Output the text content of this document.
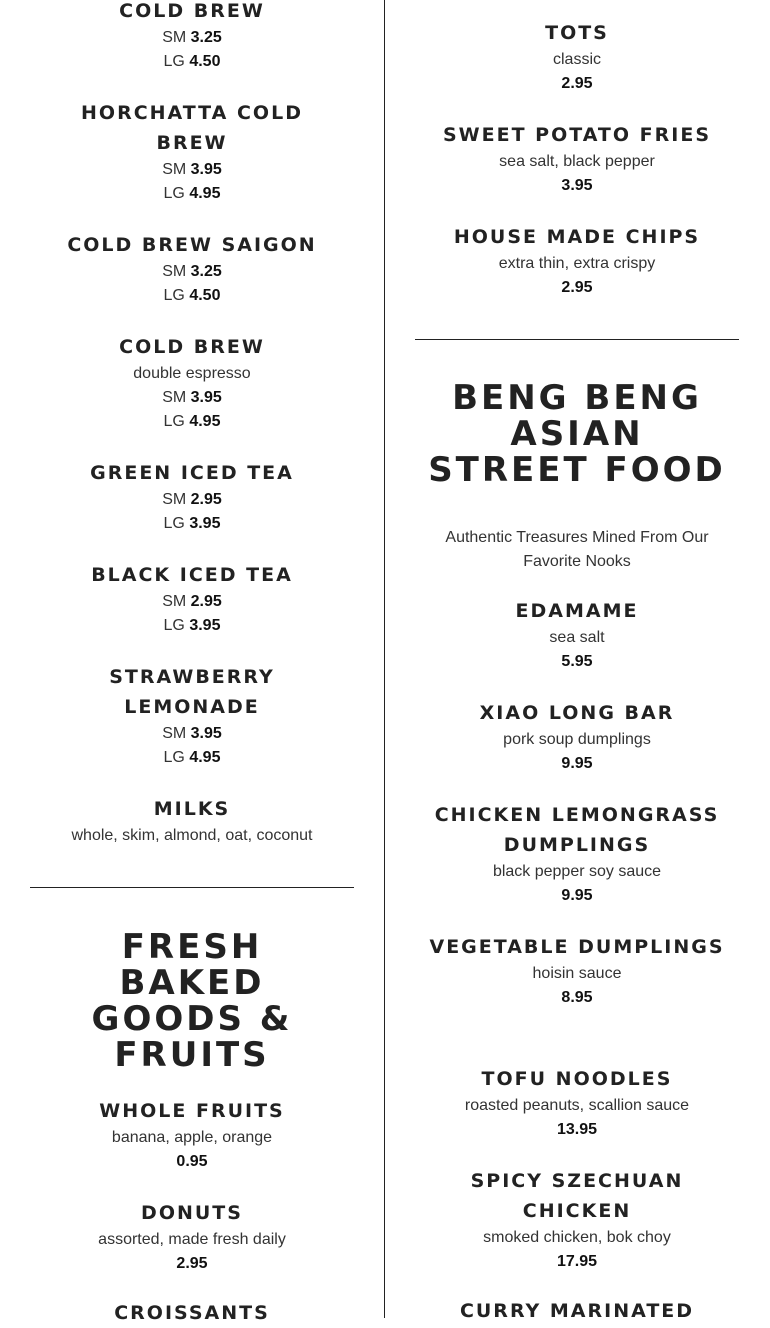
COLD BREW
SM 3.25
LG 4.50
HORCHATTA COLD BREW
SM 3.95
LG 4.95
COLD BREW SAIGON
SM 3.25
LG 4.50
COLD BREW
double espresso
SM 3.95
LG 4.95
GREEN ICED TEA
SM 2.95
LG 3.95
BLACK ICED TEA
SM 2.95
LG 3.95
STRAWBERRY LEMONADE
SM 3.95
LG 4.95
MILKS
whole, skim, almond, oat, coconut
FRESH BAKED GOODS & FRUITS
WHOLE FRUITS
banana, apple, orange
0.95
DONUTS
assorted, made fresh daily
2.95
CROISSANTS
TOTS
classic
2.95
SWEET POTATO FRIES
sea salt, black pepper
3.95
HOUSE MADE CHIPS
extra thin, extra crispy
2.95
BENG BENG ASIAN STREET FOOD
Authentic Treasures Mined From Our Favorite Nooks
EDAMAME
sea salt
5.95
XIAO LONG BAR
pork soup dumplings
9.95
CHICKEN LEMONGRASS DUMPLINGS
black pepper soy sauce
9.95
VEGETABLE DUMPLINGS
hoisin sauce
8.95
TOFU NOODLES
roasted peanuts, scallion sauce
13.95
SPICY SZECHUAN CHICKEN
smoked chicken, bok choy
17.95
CURRY MARINATED
